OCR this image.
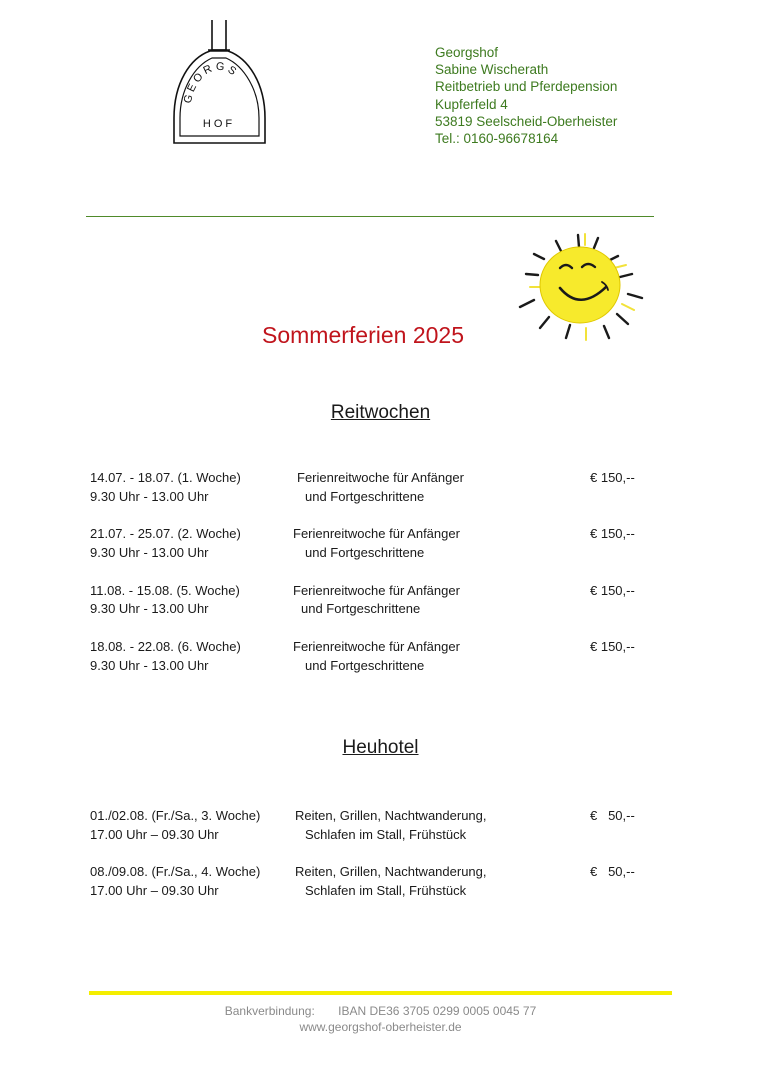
GEORGS
HOF
Georgshof
Sabine Wischerath
Reitbetrieb und Pferdepension
Kupferfeld 4
53819 Seelscheid-Oberheister
Tel.: 0160-96678164
Sommerferien 2025
Reitwochen
14.07. - 18.07. (1. Woche)
9.30 Uhr - 13.00 Uhr
Ferienreitwoche für Anfänger
und Fortgeschrittene
€ 150,--
21.07. - 25.07. (2. Woche)
9.30 Uhr - 13.00 Uhr
Ferienreitwoche für Anfänger
und Fortgeschrittene
€ 150,--
11.08. - 15.08. (5. Woche)
9.30 Uhr - 13.00 Uhr
Ferienreitwoche für Anfänger
und Fortgeschrittene
€ 150,--
18.08. - 22.08. (6. Woche)
9.30 Uhr - 13.00 Uhr
Ferienreitwoche für Anfänger
und Fortgeschrittene
€ 150,--
Heuhotel
01./02.08. (Fr./Sa., 3. Woche)
17.00 Uhr – 09.30 Uhr
Reiten, Grillen, Nachtwanderung,
Schlafen im Stall, Frühstück
€   50,--
08./09.08. (Fr./Sa., 4. Woche)
17.00 Uhr – 09.30 Uhr
Reiten, Grillen, Nachtwanderung,
Schlafen im Stall, Frühstück
€   50,--
Bankverbindung:       IBAN DE36 3705 0299 0005 0045 77
www.georgshof-oberheister.de
